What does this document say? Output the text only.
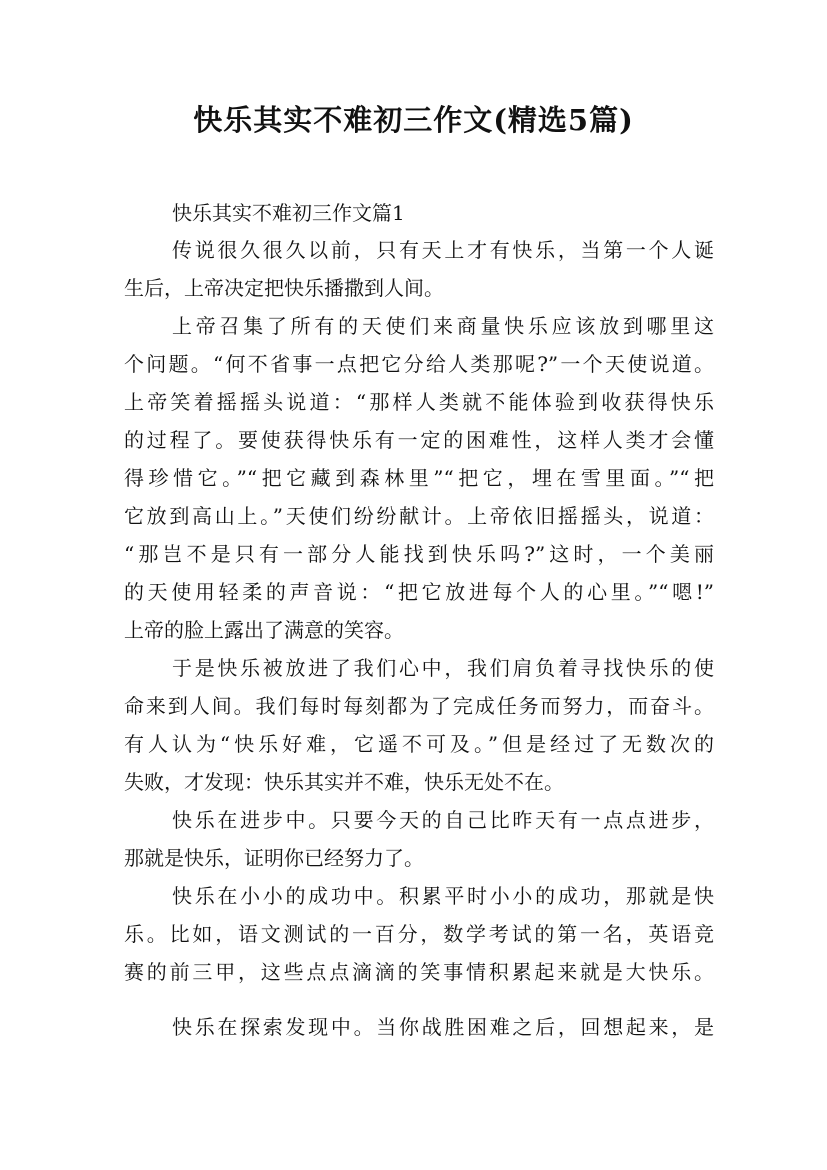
快乐其实不难初三作文(精选5篇)
快乐其实不难初三作文篇1
传说很久很久以前，只有天上才有快乐，当第一个人诞
生后，上帝决定把快乐播撒到人间。
上帝召集了所有的天使们来商量快乐应该放到哪里这
个问题。“何不省事一点把它分给人类那呢?”一个天使说道。
上帝笑着摇摇头说道：“那样人类就不能体验到收获得快乐
的过程了。要使获得快乐有一定的困难性，这样人类才会懂
得珍惜它。”“把它藏到森林里”“把它，埋在雪里面。”“把
它放到高山上。”天使们纷纷献计。上帝依旧摇摇头，说道：
“那岂不是只有一部分人能找到快乐吗?”这时，一个美丽
的天使用轻柔的声音说：“把它放进每个人的心里。”“嗯!”
上帝的脸上露出了满意的笑容。
于是快乐被放进了我们心中，我们肩负着寻找快乐的使
命来到人间。我们每时每刻都为了完成任务而努力，而奋斗。
有人认为“快乐好难，它遥不可及。”但是经过了无数次的
失败，才发现：快乐其实并不难，快乐无处不在。
快乐在进步中。只要今天的自己比昨天有一点点进步，
那就是快乐，证明你已经努力了。
快乐在小小的成功中。积累平时小小的成功，那就是快
乐。比如，语文测试的一百分，数学考试的第一名，英语竞
赛的前三甲，这些点点滴滴的笑事情积累起来就是大快乐。
快乐在探索发现中。当你战胜困难之后，回想起来，是
